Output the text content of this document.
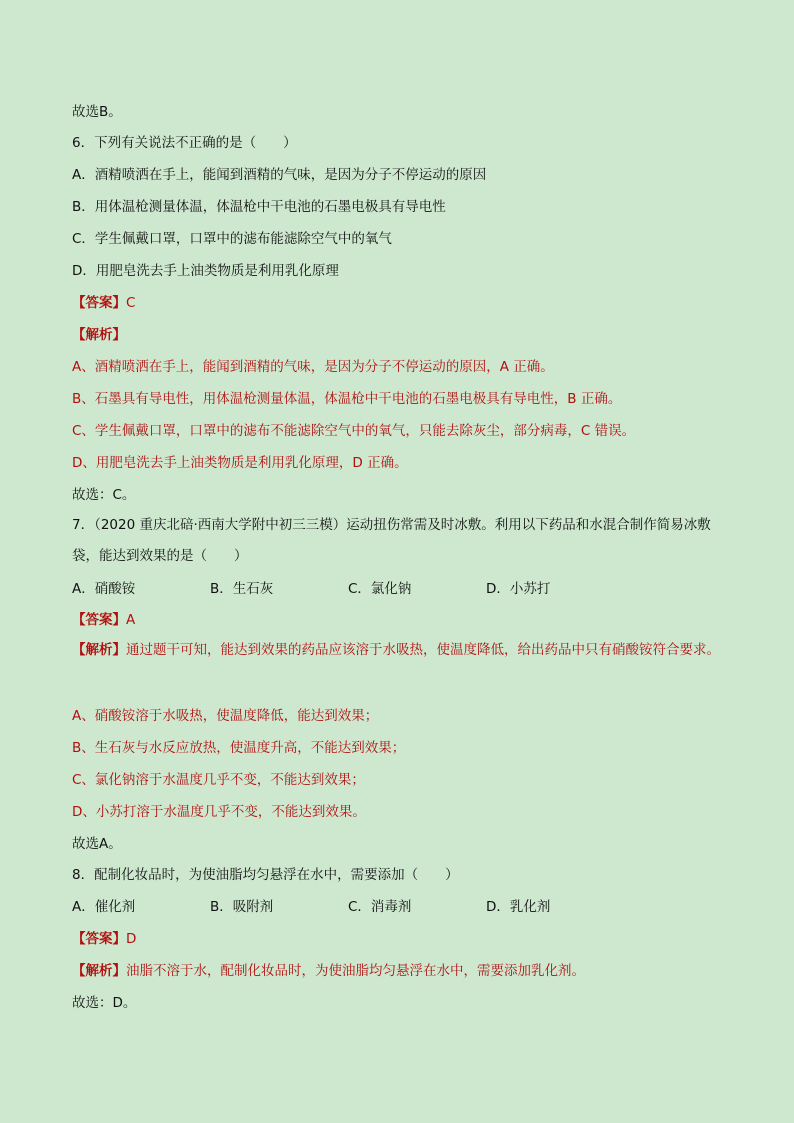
故选B。
6．下列有关说法不正确的是（　　）
A．酒精喷洒在手上，能闻到酒精的气味，是因为分子不停运动的原因
B．用体温枪测量体温，体温枪中干电池的石墨电极具有导电性
C．学生佩戴口罩，口罩中的滤布能滤除空气中的氧气
D．用肥皂洗去手上油类物质是利用乳化原理
【答案】C
【解析】
A、酒精喷洒在手上，能闻到酒精的气味，是因为分子不停运动的原因，A 正确。
B、石墨具有导电性，用体温枪测量体温，体温枪中干电池的石墨电极具有导电性，B 正确。
C、学生佩戴口罩，口罩中的滤布不能滤除空气中的氧气，只能去除灰尘，部分病毒，C 错误。
D、用肥皂洗去手上油类物质是利用乳化原理，D 正确。
故选：C。
7．（2020 重庆北碚·西南大学附中初三三模）运动扭伤常需及时冰敷。利用以下药品和水混合制作简易冰敷袋，能达到效果的是（　　）
A．硝酸铵	B．生石灰	C．氯化钠	D．小苏打
【答案】A
【解析】通过题干可知，能达到效果的药品应该溶于水吸热，使温度降低，给出药品中只有硝酸铵符合要求。
A、硝酸铵溶于水吸热，使温度降低，能达到效果；
B、生石灰与水反应放热，使温度升高，不能达到效果；
C、氯化钠溶于水温度几乎不变，不能达到效果；
D、小苏打溶于水温度几乎不变，不能达到效果。
故选A。
8．配制化妆品时，为使油脂均匀悬浮在水中，需要添加（　　）
A．催化剂	B．吸附剂	C．消毒剂	D．乳化剂
【答案】D
【解析】油脂不溶于水，配制化妆品时，为使油脂均匀悬浮在水中，需要添加乳化剂。
故选：D。
